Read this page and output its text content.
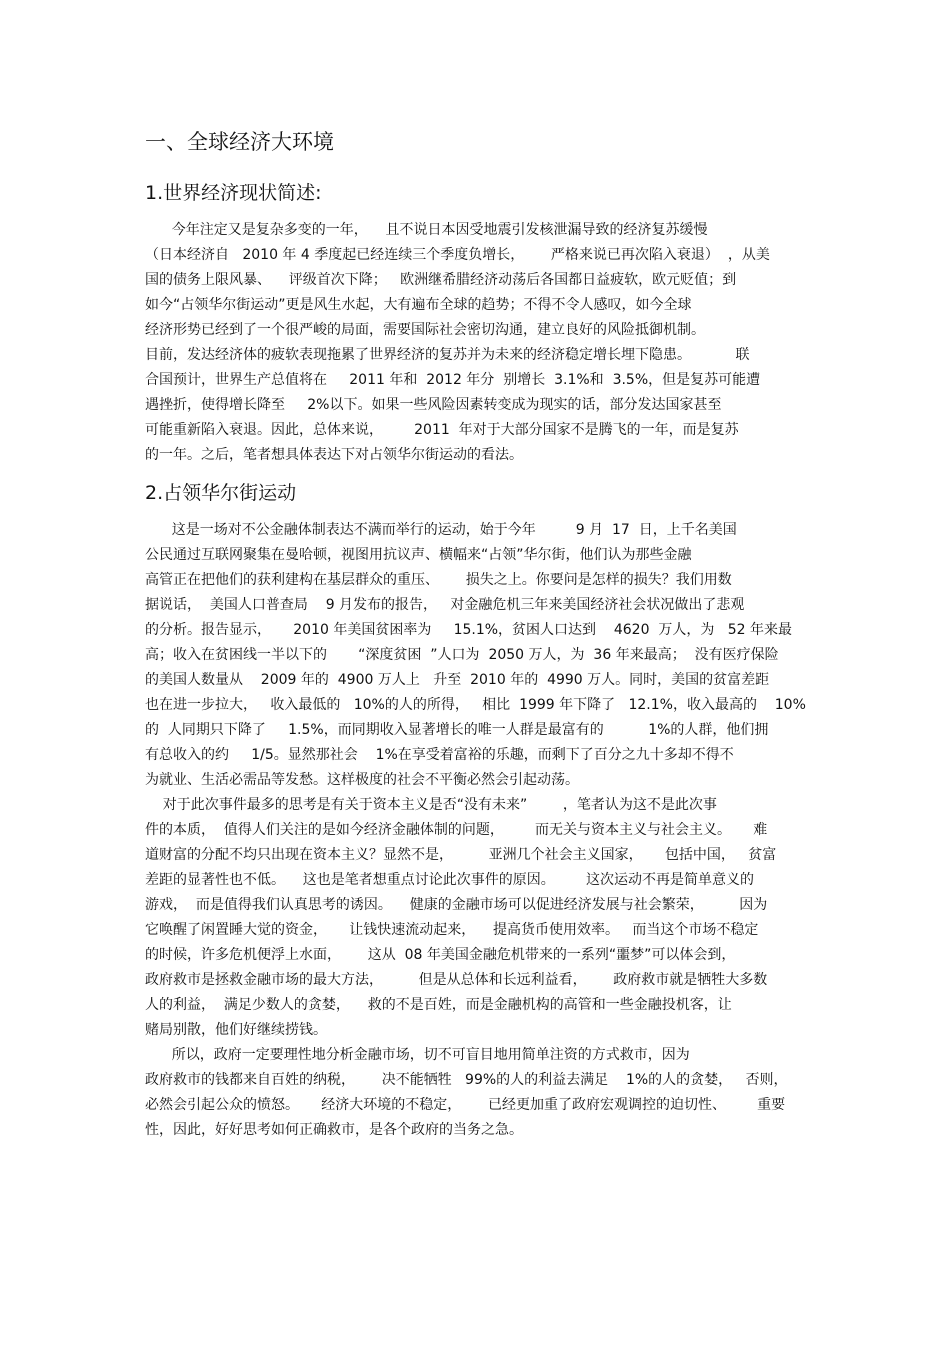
一、全球经济大环境
1.世界经济现状简述:
今年注定又是复杂多变的一年，    且不说日本因受地震引发核泄漏导致的经济复苏缓慢
（日本经济自   2010 年 4 季度起已经连续三个季度负增长，      严格来说已再次陷入衰退）  ，从美
国的债务上限风暴、    评级首次下降；   欧洲继希腊经济动荡后各国都日益疲软，欧元贬值；到
如今“占领华尔街运动”更是风生水起，大有遍布全球的趋势；不得不令人感叹，如今全球
经济形势已经到了一个很严峻的局面，需要国际社会密切沟通，建立良好的风险抵御机制。
目前，发达经济体的疲软表现拖累了世界经济的复苏并为未来的经济稳定增长埋下隐患。          联
合国预计，世界生产总值将在     2011 年和  2012 年分  别增长  3.1%和  3.5%，但是复苏可能遭
遇挫折，使得增长降至     2%以下。如果一些风险因素转变成为现实的话，部分发达国家甚至
可能重新陷入衰退。因此，总体来说，       2011  年对于大部分国家不是腾飞的一年，而是复苏
的一年。之后，笔者想具体表达下对占领华尔街运动的看法。
2.占领华尔街运动
这是一场对不公金融体制表达不满而举行的运动，始于今年         9 月  17  日，上千名美国
公民通过互联网聚集在曼哈顿，视图用抗议声、横幅来“占领”华尔街，他们认为那些金融
高管正在把他们的获利建构在基层群众的重压、      损失之上。你要问是怎样的损失？我们用数
据说话，  美国人口普查局    9 月发布的报告，   对金融危机三年来美国经济社会状况做出了悲观
的分析。报告显示，     2010 年美国贫困率为     15.1%，贫困人口达到    4620  万人，为   52 年来最
高；收入在贫困线一半以下的       “深度贫困  ”人口为  2050 万人，为  36 年来最高；  没有医疗保险
的美国人数量从    2009 年的  4900 万人上   升至  2010 年的  4990 万人。同时，美国的贫富差距
也在进一步拉大，   收入最低的   10%的人的所得，   相比  1999 年下降了   12.1%，收入最高的    10%
的  人同期只下降了     1.5%，而同期收入显著增长的唯一人群是最富有的          1%的人群，他们拥
有总收入的约     1/5。显然那社会    1%在享受着富裕的乐趣，而剩下了百分之九十多却不得不
为就业、生活必需品等发愁。这样极度的社会不平衡必然会引起动荡。
对于此次事件最多的思考是有关于资本主义是否“没有未来”        ，笔者认为这不是此次事
件的本质，  值得人们关注的是如今经济金融体制的问题，       而无关与资本主义与社会主义。     难
道财富的分配不均只出现在资本主义？显然不是，        亚洲几个社会主义国家，     包括中国，   贫富
差距的显著性也不低。    这也是笔者想重点讨论此次事件的原因。       这次运动不再是简单意义的
游戏，  而是值得我们认真思考的诱因。    健康的金融市场可以促进经济发展与社会繁荣，        因为
它唤醒了闲置睡大觉的资金，     让钱快速流动起来，    提高货币使用效率。   而当这个市场不稳定
的时候，许多危机便浮上水面，      这从  08 年美国金融危机带来的一系列“噩梦”可以体会到，
政府救市是拯救金融市场的最大方法，        但是从总体和长远利益看，      政府救市就是牺牲大多数
人的利益，  满足少数人的贪婪，    救的不是百姓，而是金融机构的高管和一些金融投机客，让
赌局别散，他们好继续捞钱。
所以，政府一定要理性地分析金融市场，切不可盲目地用简单注资的方式救市，因为
政府救市的钱都来自百姓的纳税，      决不能牺牲   99%的人的利益去满足    1%的人的贪婪，   否则，
必然会引起公众的愤怒。     经济大环境的不稳定，      已经更加重了政府宏观调控的迫切性、       重要
性，因此，好好思考如何正确救市，是各个政府的当务之急。
